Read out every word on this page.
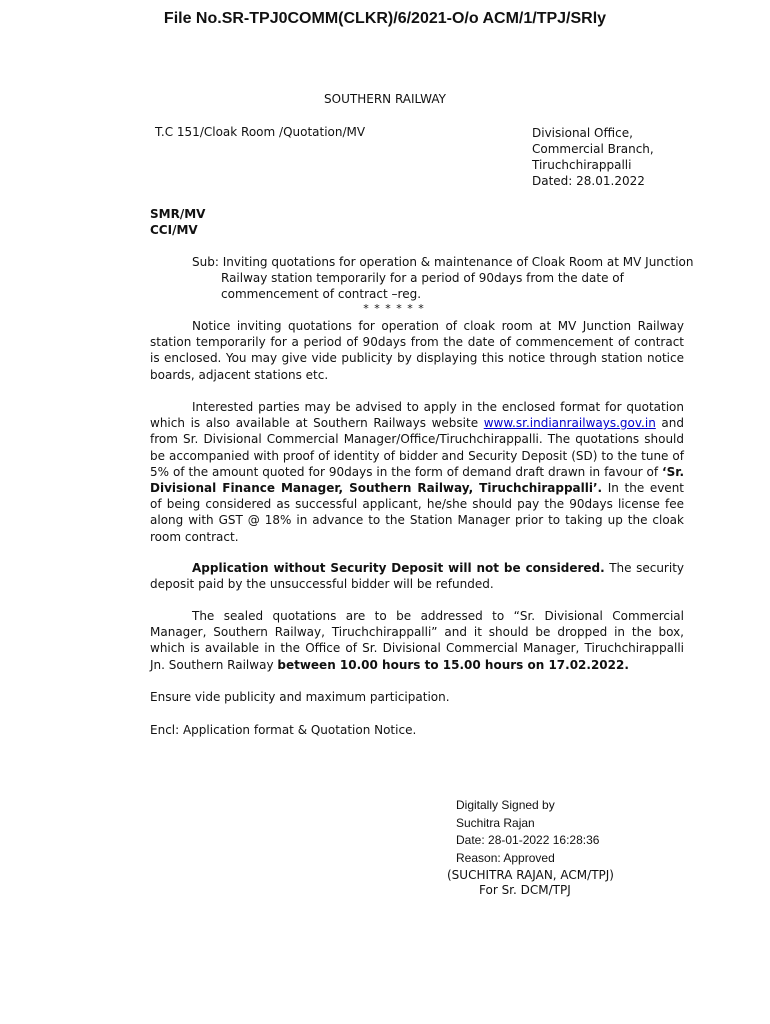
File No.SR-TPJ0COMM(CLKR)/6/2021-O/o ACM/1/TPJ/SRly
SOUTHERN RAILWAY
T.C 151/Cloak Room /Quotation/MV	Divisional Office,
Commercial Branch,
Tiruchchirappalli
Dated: 28.01.2022
SMR/MV
CCI/MV
Sub: Inviting quotations for operation & maintenance of Cloak Room at MV Junction
Railway station temporarily for a period of 90days from the date of
commencement of contract –reg.
* * * * * *

Notice inviting quotations for operation of cloak room at MV Junction Railway station temporarily for a period of 90days from the date of commencement of contract is enclosed. You may give vide publicity by displaying this notice through station notice boards, adjacent stations etc.

Interested parties may be advised to apply in the enclosed format for quotation which is also available at Southern Railways website www.sr.indianrailways.gov.in and from Sr. Divisional Commercial Manager/Office/Tiruchchirappalli. The quotations should be accompanied with proof of identity of bidder and Security Deposit (SD) to the tune of 5% of the amount quoted for 90days in the form of demand draft drawn in favour of ‘Sr. Divisional Finance Manager, Southern Railway, Tiruchchirappalli’. In the event of being considered as successful applicant, he/she should pay the 90days license fee along with GST @ 18% in advance to the Station Manager prior to taking up the cloak room contract.

Application without Security Deposit will not be considered. The security deposit paid by the unsuccessful bidder will be refunded.

The sealed quotations are to be addressed to “Sr. Divisional Commercial Manager, Southern Railway, Tiruchchirappalli” and it should be dropped in the box, which is available in the Office of Sr. Divisional Commercial Manager, Tiruchchirappalli Jn. Southern Railway between 10.00 hours to 15.00 hours on 17.02.2022.

Ensure vide publicity and maximum participation.

Encl: Application format & Quotation Notice.

Digitally Signed by
Suchitra Rajan
Date: 28-01-2022 16:28:36
Reason: Approved
(SUCHITRA RAJAN, ACM/TPJ)
For Sr. DCM/TPJ
